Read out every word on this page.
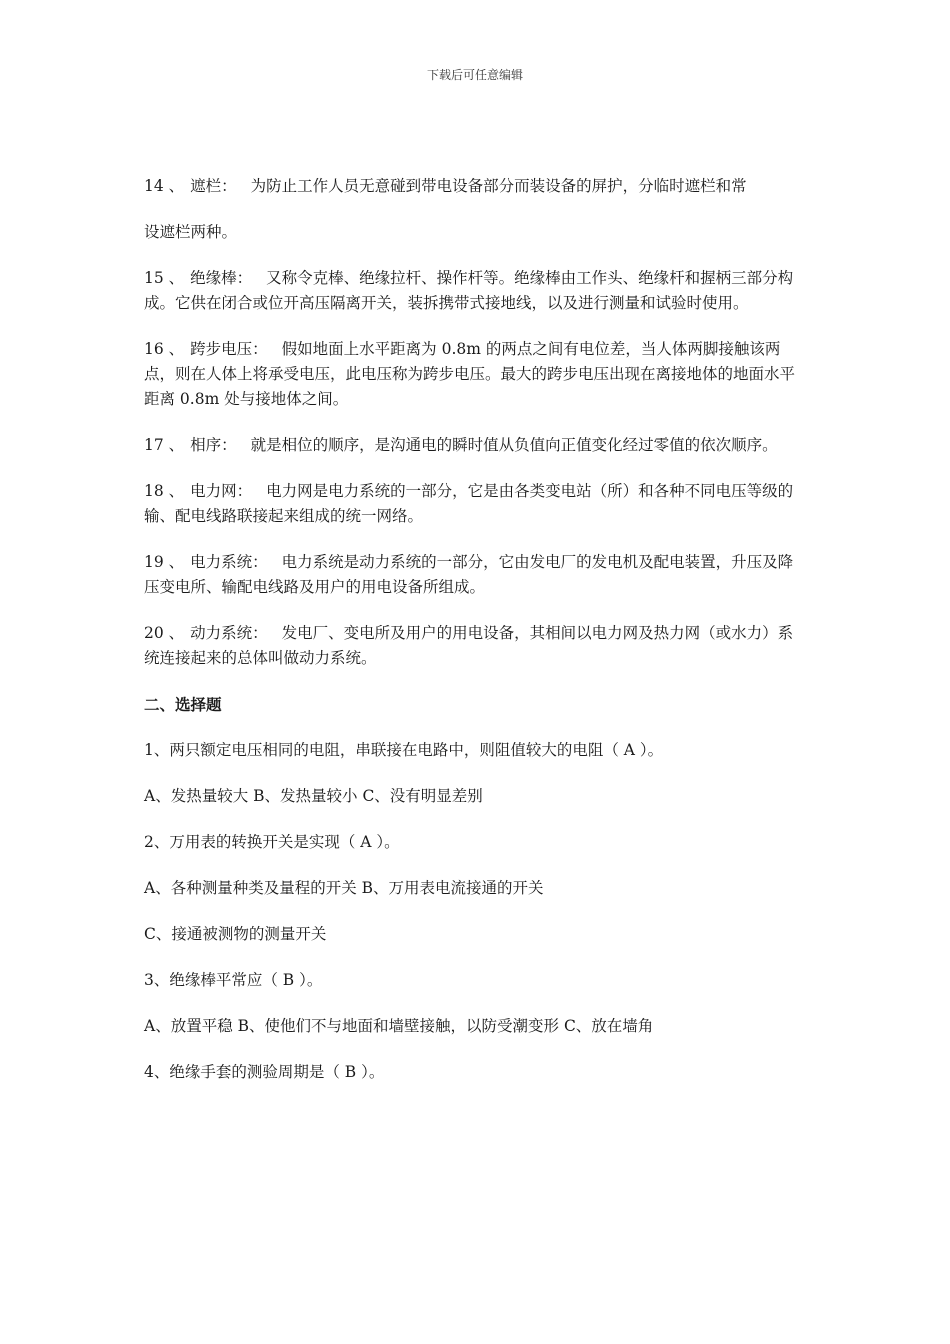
下载后可任意编辑

14 、 遮栏： 为防止工作人员无意碰到带电设备部分而装设备的屏护，分临时遮栏和常

设遮栏两种。

15 、 绝缘棒： 又称令克棒、绝缘拉杆、操作杆等。绝缘棒由工作头、绝缘杆和握柄三部分构成。它供在闭合或位开高压隔离开关，装拆携带式接地线，以及进行测量和试验时使用。

16 、 跨步电压： 假如地面上水平距离为 0.8m 的两点之间有电位差，当人体两脚接触该两点，则在人体上将承受电压，此电压称为跨步电压。最大的跨步电压出现在离接地体的地面水平距离 0.8m 处与接地体之间。

17 、 相序： 就是相位的顺序，是沟通电的瞬时值从负值向正值变化经过零值的依次顺序。

18 、 电力网： 电力网是电力系统的一部分，它是由各类变电站（所）和各种不同电压等级的输、配电线路联接起来组成的统一网络。

19 、 电力系统： 电力系统是动力系统的一部分，它由发电厂的发电机及配电装置，升压及降压变电所、输配电线路及用户的用电设备所组成。

20 、 动力系统： 发电厂、变电所及用户的用电设备，其相间以电力网及热力网（或水力）系统连接起来的总体叫做动力系统。

二、选择题

1、两只额定电压相同的电阻，串联接在电路中，则阻值较大的电阻（ A ）。

A、发热量较大 B、发热量较小 C、没有明显差别

2、万用表的转换开关是实现（ A ）。

A、各种测量种类及量程的开关 B、万用表电流接通的开关

C、接通被测物的测量开关

3、绝缘棒平常应（ B ）。

A、放置平稳 B、使他们不与地面和墙壁接触，以防受潮变形 C、放在墙角

4、绝缘手套的测验周期是（ B ）。
